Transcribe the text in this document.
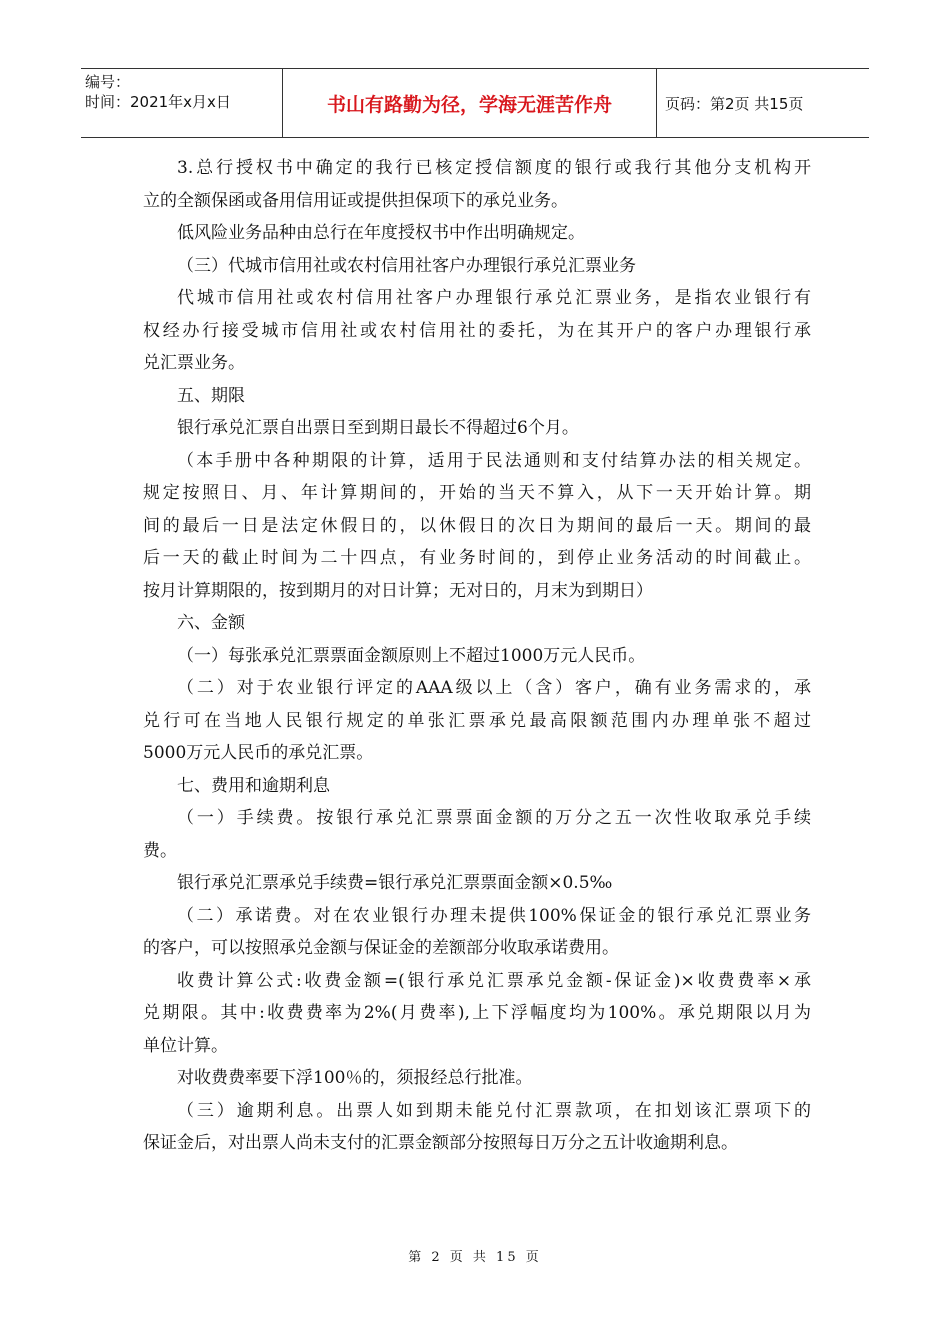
编号：
时间：2021年x月x日	书山有路勤为径，学海无涯苦作舟	页码：第2页 共15页
3.总行授权书中确定的我行已核定授信额度的银行或我行其他分支机构开
立的全额保函或备用信用证或提供担保项下的承兑业务。
低风险业务品种由总行在年度授权书中作出明确规定。
（三）代城市信用社或农村信用社客户办理银行承兑汇票业务
代城市信用社或农村信用社客户办理银行承兑汇票业务，是指农业银行有
权经办行接受城市信用社或农村信用社的委托，为在其开户的客户办理银行承
兑汇票业务。
五、期限
银行承兑汇票自出票日至到期日最长不得超过6个月。
（本手册中各种期限的计算，适用于民法通则和支付结算办法的相关规定。
规定按照日、月、年计算期间的，开始的当天不算入，从下一天开始计算。期
间的最后一日是法定休假日的，以休假日的次日为期间的最后一天。期间的最
后一天的截止时间为二十四点，有业务时间的，到停止业务活动的时间截止。
按月计算期限的，按到期月的对日计算；无对日的，月末为到期日）
六、金额
（一）每张承兑汇票票面金额原则上不超过1000万元人民币。
（二）对于农业银行评定的AAA级以上（含）客户，确有业务需求的，承
兑行可在当地人民银行规定的单张汇票承兑最高限额范围内办理单张不超过
5000万元人民币的承兑汇票。
七、费用和逾期利息
（一）手续费。按银行承兑汇票票面金额的万分之五一次性收取承兑手续
费。
银行承兑汇票承兑手续费=银行承兑汇票票面金额×0.5‰
（二）承诺费。对在农业银行办理未提供100%保证金的银行承兑汇票业务
的客户，可以按照承兑金额与保证金的差额部分收取承诺费用。
收费计算公式:收费金额=(银行承兑汇票承兑金额-保证金)×收费费率×承
兑期限。其中:收费费率为2%(月费率),上下浮幅度均为100%。承兑期限以月为
单位计算。
对收费费率要下浮100％的，须报经总行批准。
（三）逾期利息。出票人如到期未能兑付汇票款项，在扣划该汇票项下的
保证金后，对出票人尚未支付的汇票金额部分按照每日万分之五计收逾期利息。
第 2 页 共 15 页
